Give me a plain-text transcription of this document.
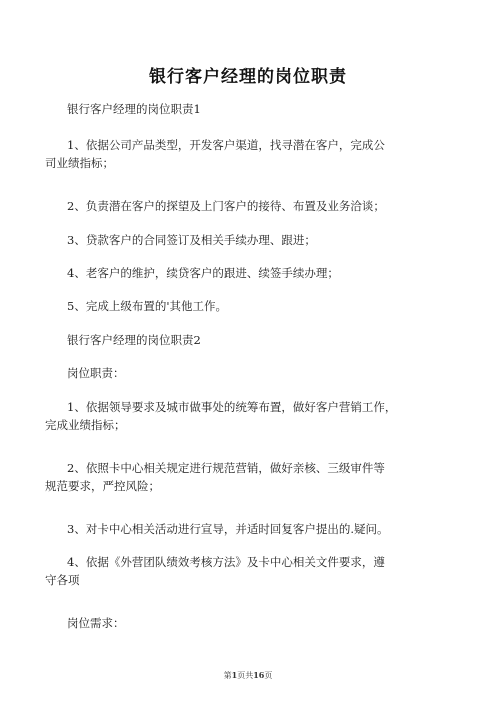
银行客户经理的岗位职责
银行客户经理的岗位职责1
1、依据公司产品类型，开发客户渠道，找寻潜在客户，完成公
司业绩指标；
2、负责潜在客户的探望及上门客户的接待、布置及业务洽谈；
3、贷款客户的合同签订及相关手续办理、跟进；
4、老客户的维护，续贷客户的跟进、续签手续办理；
5、完成上级布置的'其他工作。
银行客户经理的岗位职责2
岗位职责：
1、依据领导要求及城市做事处的统筹布置，做好客户营销工作，
完成业绩指标；
2、依照卡中心相关规定进行规范营销，做好亲核、三级审件等
规范要求，严控风险；
3、对卡中心相关活动进行宣导，并适时回复客户提出的.疑问。
4、依据《外营团队绩效考核方法》及卡中心相关文件要求，遵
守各项
岗位需求：
第1页共16页
